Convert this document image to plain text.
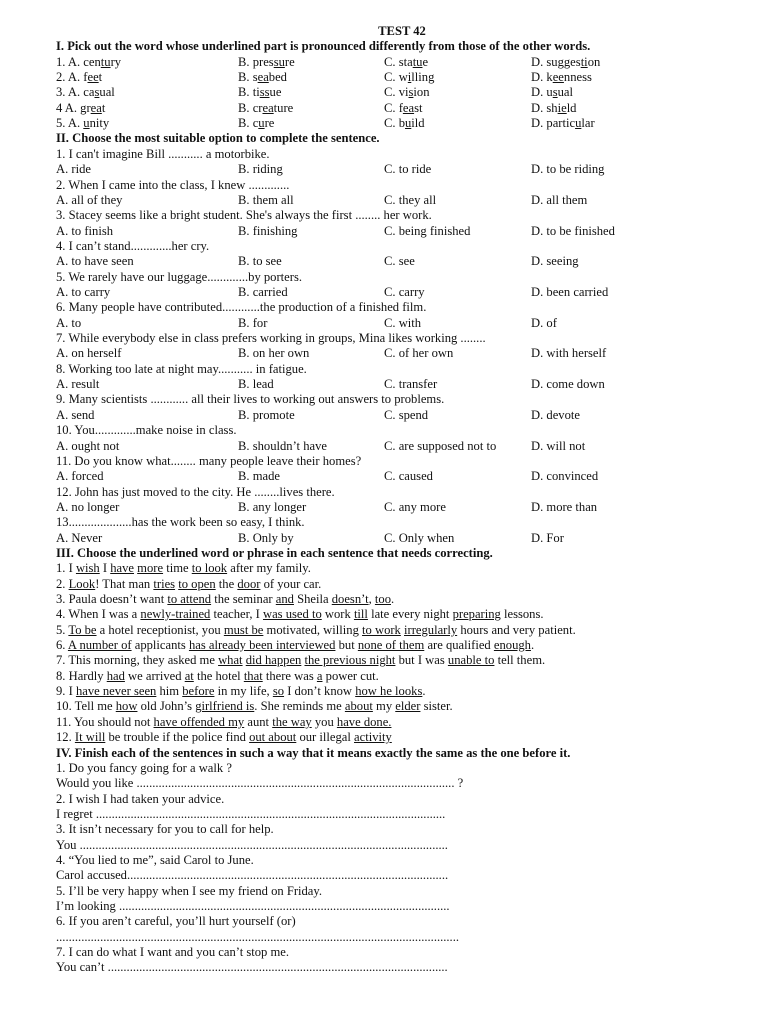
TEST 42
I. Pick out the word whose underlined part is pronounced differently from those of the other words.
1. A. century	B. pressure	C. statue	D. suggestion
2. A. feet	B. seabed	C. willing	D. keenness
3. A. casual	B. tissue	C. vision	D. usual
4 A. great	B. creature	C. feast	D. shield
5. A. unity	B. cure	C. build	D. particular
II. Choose the most suitable option to complete the sentence.
1. I can't imagine Bill ........... a motorbike.
A. ride	B. riding	C. to ride	D. to be riding
2. When I came into the class, I knew .............
A. all of they	B. them all	C. they all	D. all them
3. Stacey seems like a bright student. She's always the first ........ her work.
A. to finish	B. finishing	C. being finished	D. to be finished
4. I can’t stand.............her cry.
A. to have seen	B. to see	C. see	D. seeing
5. We rarely have our luggage.............by porters.
A. to carry	B. carried	C. carry	D. been carried
6. Many people have contributed............the production of a finished film.
A. to	B. for	C. with	D. of
7. While everybody else in class prefers working in groups, Mina likes working ........
A. on herself	B. on her own	C. of her own	D. with herself
8. Working too late at night may........... in fatigue.
A. result	B. lead	C. transfer	D. come down
9. Many scientists ............ all their lives to working out answers to problems.
A. send	B. promote	C. spend	D. devote
10. You.............make noise in class.
A. ought not	B. shouldn’t have	C. are supposed not to	D. will not
11. Do you know what........ many people leave their homes?
A. forced	B. made	C. caused	D. convinced
12. John has just moved to the city. He ........lives there.
A. no longer	B. any longer	C. any more	D. more than
13....................has the work been so easy, I think.
A. Never	B. Only by	C. Only when	D. For
III. Choose the underlined word or phrase in each sentence that needs correcting.
1. I wish I have more time to look after my family.
2. Look! That man tries to open the door of your car.
3. Paula doesn’t want to attend the seminar and Sheila doesn’t, too.
4. When I was a newly-trained teacher, I was used to work till late every night preparing lessons.
5. To be a hotel receptionist, you must be motivated, willing to work irregularly hours and very patient.
6. A number of applicants has already been interviewed but none of them are qualified enough.
7. This morning, they asked me what did happen the previous night but I was unable to tell them.
8. Hardly had we arrived at the hotel that there was a power cut.
9. I have never seen him before in my life, so I don’t know how he looks.
10. Tell me how old John’s girlfriend is. She reminds me about my elder sister.
11. You should not have offended my aunt the way you have done.
12. It will be trouble if the police find out about our illegal activity
IV. Finish each of the sentences in such a way that it means exactly the same as the one before it.
1. Do you fancy going for a walk ?
Would you like ..................................................................................................... ?
2. I wish I had taken your advice.
I regret ...............................................................................................................
3. It isn’t necessary for you to call for help.
You .....................................................................................................................
4. “You lied to me”, said Carol to June.
Carol accused......................................................................................................
5. I’ll be very happy when I see my friend on Friday.
I’m looking .........................................................................................................
6. If you aren’t careful, you’ll hurt yourself (or)
................................................................................................................................
7. I can do what I want and you can’t stop me.
You can’t ............................................................................................................
